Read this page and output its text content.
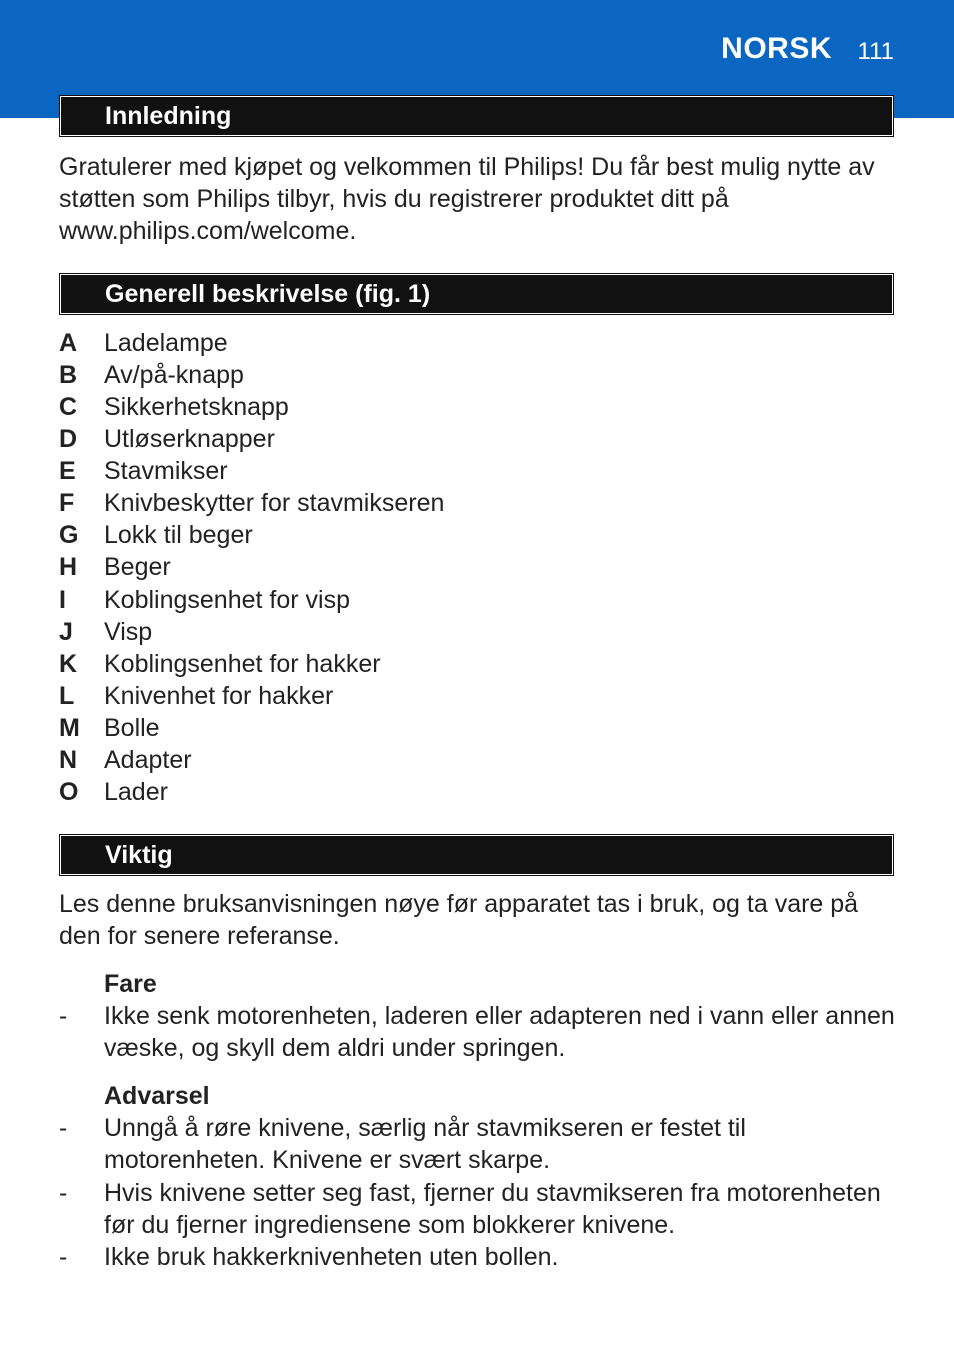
NORSK 111
Innledning
Gratulerer med kjøpet og velkommen til Philips! Du får best mulig nytte av støtten som Philips tilbyr, hvis du registrerer produktet ditt på www.philips.com/welcome.
Generell beskrivelse (fig. 1)
A	Ladelampe
B	Av/på-knapp
C	Sikkerhetsknapp
D	Utløserknapper
E	Stavmikser
F	Knivbeskytter for stavmikseren
G	Lokk til beger
H	Beger
I	Koblingsenhet for visp
J	Visp
K	Koblingsenhet for hakker
L	Knivenhet for hakker
M Bolle
N	Adapter
O	Lader
Viktig
Les denne bruksanvisningen nøye før apparatet tas i bruk, og ta vare på den for senere referanse.
Fare
- Ikke senk motorenheten, laderen eller adapteren ned i vann eller annen væske, og skyll dem aldri under springen.
Advarsel
- Unngå å røre knivene, særlig når stavmikseren er festet til motorenheten. Knivene er svært skarpe.
- Hvis knivene setter seg fast, fjerner du stavmikseren fra motorenheten før du fjerner ingrediensene som blokkerer knivene.
- Ikke bruk hakkerknivenheten uten bollen.
